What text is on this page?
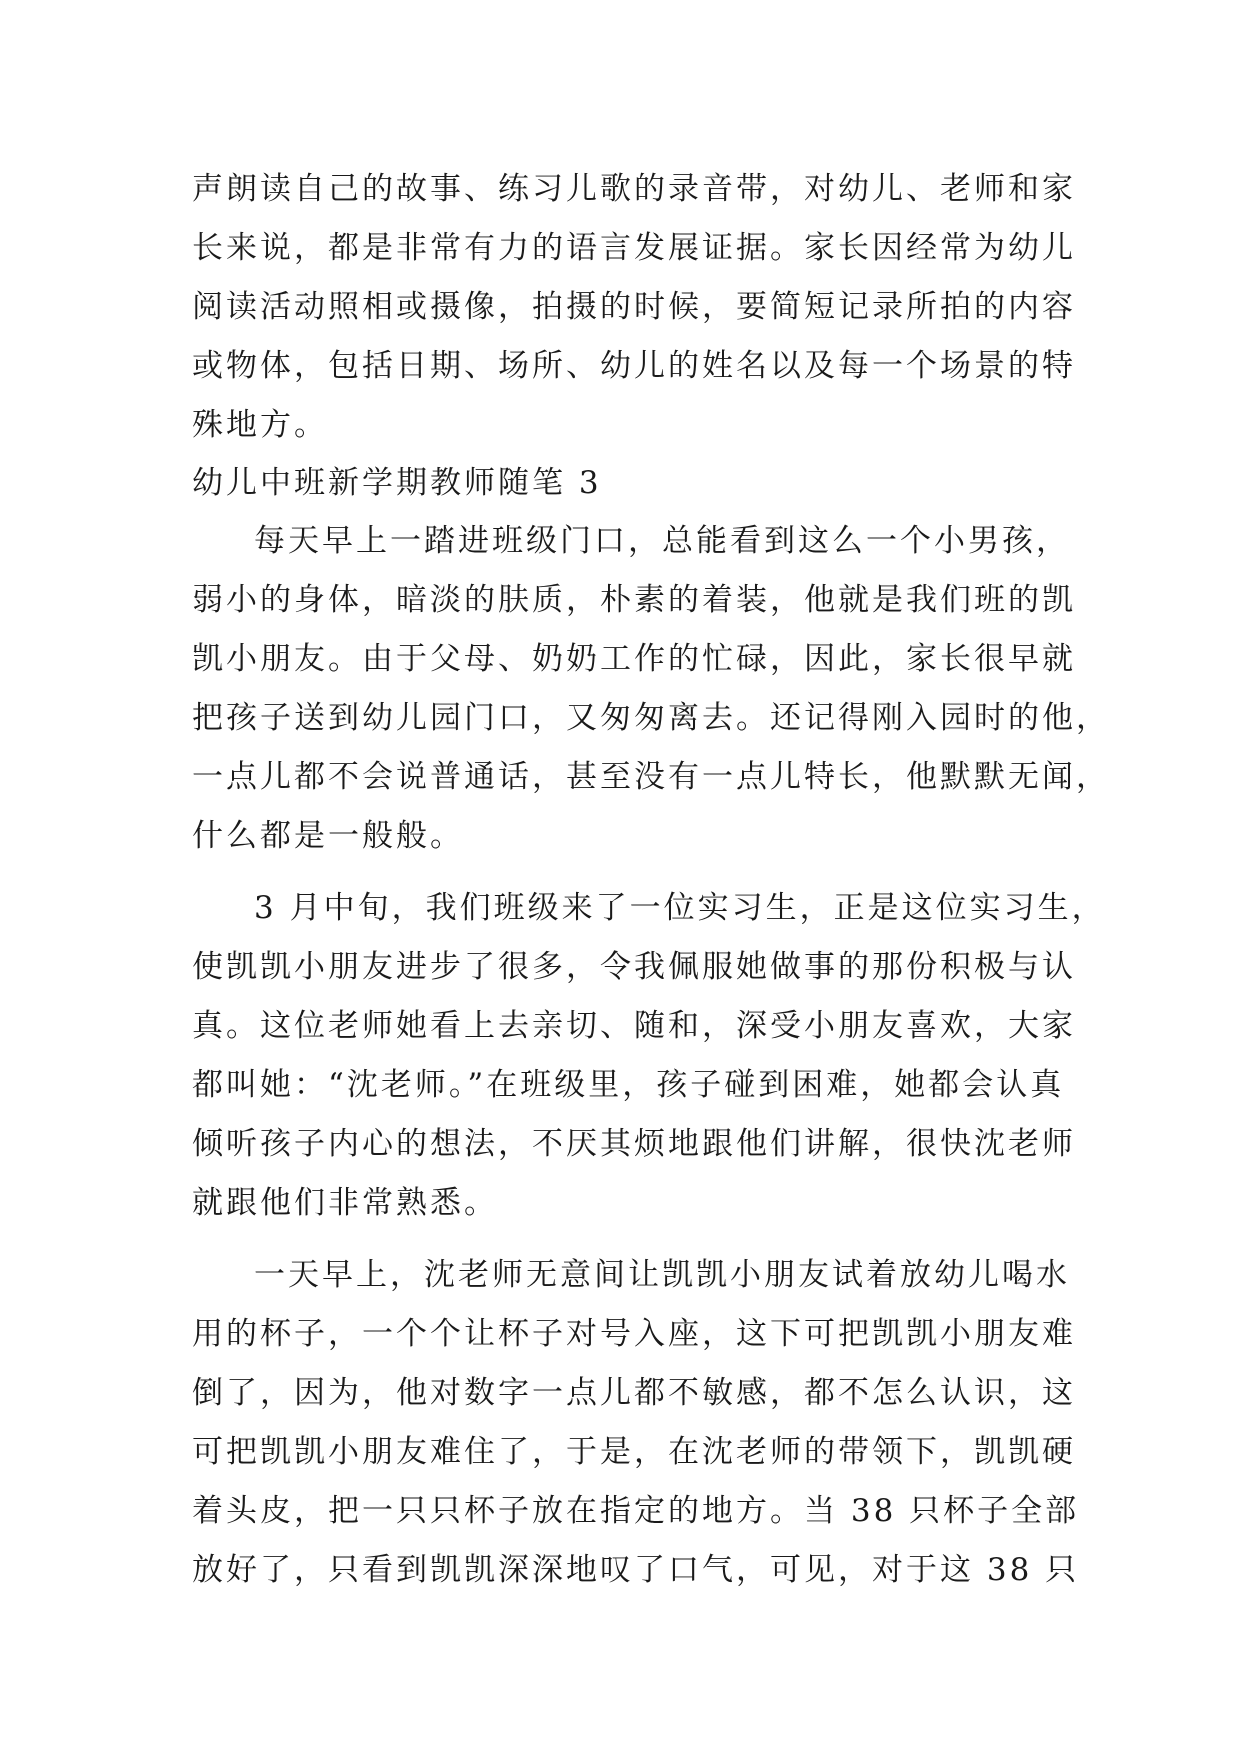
声朗读自己的故事、练习儿歌的录音带，对幼儿、老师和家
长来说，都是非常有力的语言发展证据。家长因经常为幼儿
阅读活动照相或摄像，拍摄的时候，要简短记录所拍的内容
或物体，包括日期、场所、幼儿的姓名以及每一个场景的特
殊地方。
幼儿中班新学期教师随笔 3
每天早上一踏进班级门口，总能看到这么一个小男孩，
弱小的身体，暗淡的肤质，朴素的着装，他就是我们班的凯
凯小朋友。由于父母、奶奶工作的忙碌，因此，家长很早就
把孩子送到幼儿园门口，又匆匆离去。还记得刚入园时的他，
一点儿都不会说普通话，甚至没有一点儿特长，他默默无闻，
什么都是一般般。
3 月中旬，我们班级来了一位实习生，正是这位实习生，
使凯凯小朋友进步了很多，令我佩服她做事的那份积极与认
真。这位老师她看上去亲切、随和，深受小朋友喜欢，大家
都叫她：“沈老师。”在班级里，孩子碰到困难，她都会认真
倾听孩子内心的想法，不厌其烦地跟他们讲解，很快沈老师
就跟他们非常熟悉。
一天早上，沈老师无意间让凯凯小朋友试着放幼儿喝水
用的杯子，一个个让杯子对号入座，这下可把凯凯小朋友难
倒了，因为，他对数字一点儿都不敏感，都不怎么认识，这
可把凯凯小朋友难住了，于是，在沈老师的带领下，凯凯硬
着头皮，把一只只杯子放在指定的地方。当 38 只杯子全部
放好了，只看到凯凯深深地叹了口气，可见，对于这 38 只
